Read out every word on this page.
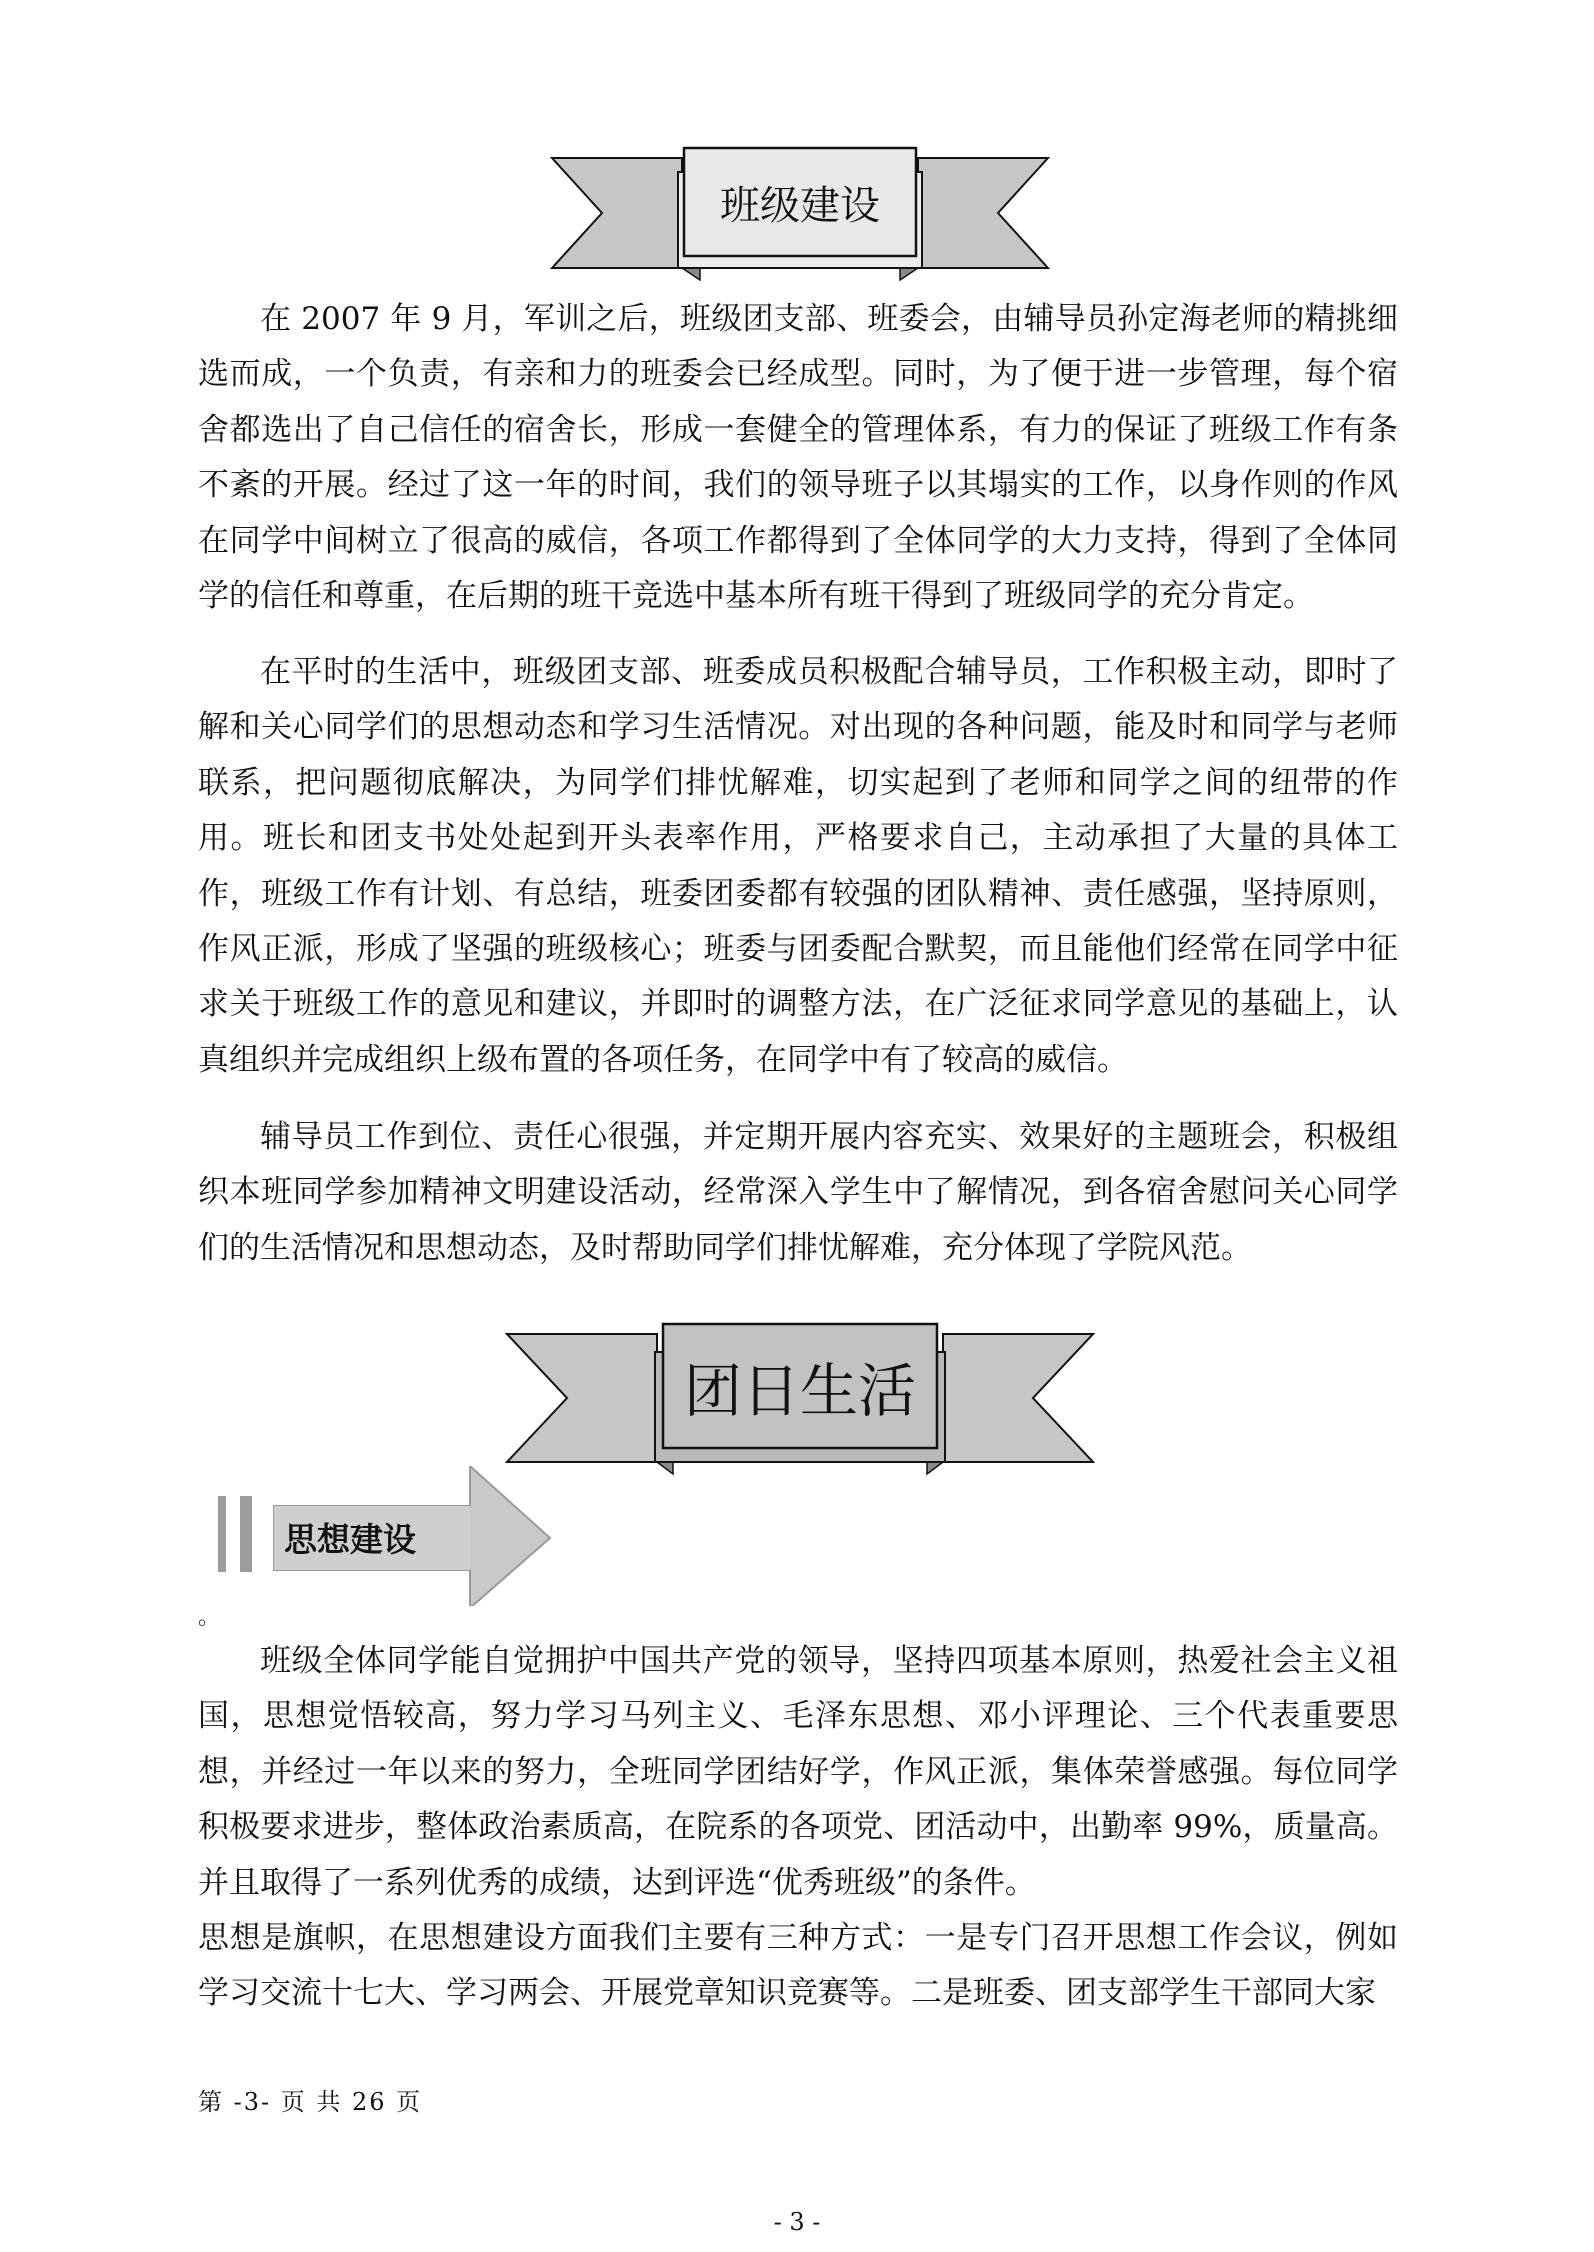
班级建设

在 2007 年 9 月，军训之后，班级团支部、班委会，由辅导员孙定海老师的精挑细选而成，一个负责，有亲和力的班委会已经成型。同时，为了便于进一步管理，每个宿舍都选出了自己信任的宿舍长，形成一套健全的管理体系，有力的保证了班级工作有条不紊的开展。经过了这一年的时间，我们的领导班子以其塌实的工作，以身作则的作风在同学中间树立了很高的威信，各项工作都得到了全体同学的大力支持，得到了全体同学的信任和尊重，在后期的班干竞选中基本所有班干得到了班级同学的充分肯定。

在平时的生活中，班级团支部、班委成员积极配合辅导员，工作积极主动，即时了解和关心同学们的思想动态和学习生活情况。对出现的各种问题，能及时和同学与老师联系，把问题彻底解决，为同学们排忧解难，切实起到了老师和同学之间的纽带的作用。班长和团支书处处起到开头表率作用，严格要求自己，主动承担了大量的具体工作，班级工作有计划、有总结，班委团委都有较强的团队精神、责任感强，坚持原则，作风正派，形成了坚强的班级核心；班委与团委配合默契，而且能他们经常在同学中征求关于班级工作的意见和建议，并即时的调整方法，在广泛征求同学意见的基础上，认真组织并完成组织上级布置的各项任务，在同学中有了较高的威信。

辅导员工作到位、责任心很强，并定期开展内容充实、效果好的主题班会，积极组织本班同学参加精神文明建设活动，经常深入学生中了解情况，到各宿舍慰问关心同学们的生活情况和思想动态，及时帮助同学们排忧解难，充分体现了学院风范。

团日生活
思想建设
。

班级全体同学能自觉拥护中国共产党的领导，坚持四项基本原则，热爱社会主义祖国，思想觉悟较高，努力学习马列主义、毛泽东思想、邓小评理论、三个代表重要思想，并经过一年以来的努力，全班同学团结好学，作风正派，集体荣誉感强。每位同学积极要求进步，整体政治素质高，在院系的各项党、团活动中，出勤率 99%，质量高。并且取得了一系列优秀的成绩，达到评选“优秀班级”的条件。

思想是旗帜，在思想建设方面我们主要有三种方式：一是专门召开思想工作会议，例如学习交流十七大、学习两会、开展党章知识竞赛等。二是班委、团支部学生干部同大家

第 -3- 页 共 26 页
- 3 -
